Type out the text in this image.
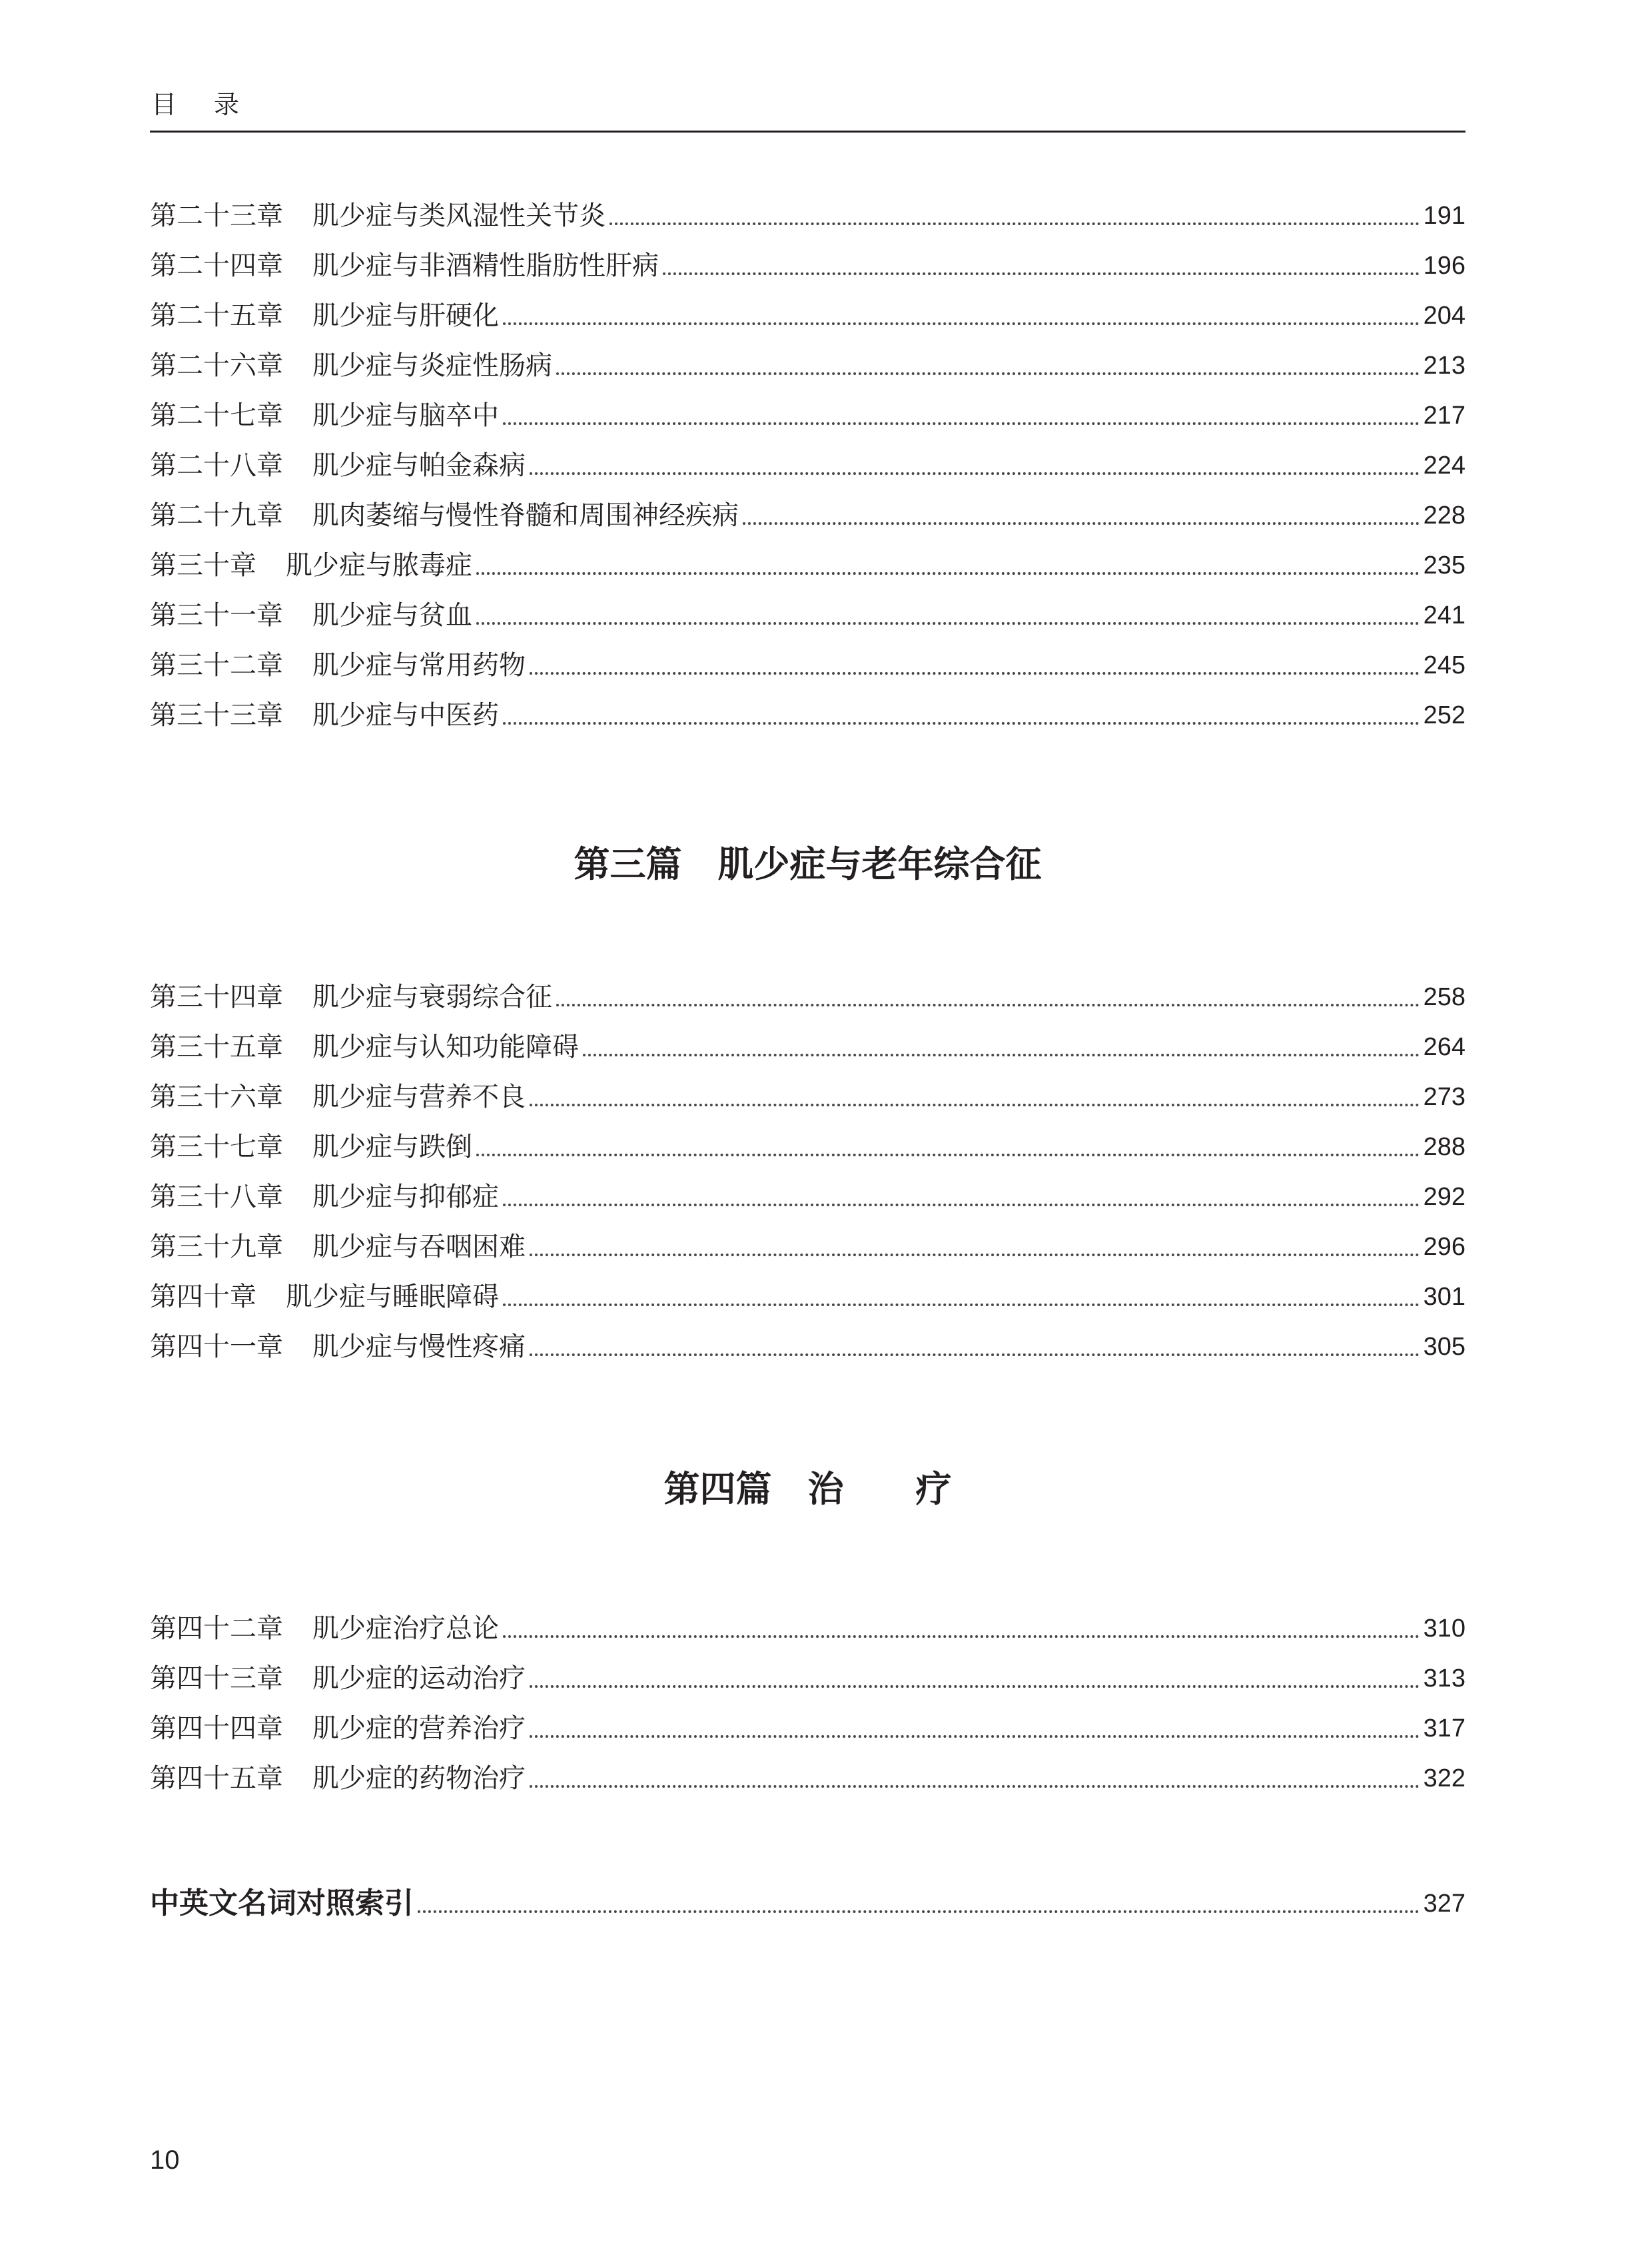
目录
第二十三章 肌少症与类风湿性关节炎	191
第二十四章 肌少症与非酒精性脂肪性肝病	196
第二十五章 肌少症与肝硬化	204
第二十六章 肌少症与炎症性肠病	213
第二十七章 肌少症与脑卒中	217
第二十八章 肌少症与帕金森病	224
第二十九章 肌肉萎缩与慢性脊髓和周围神经疾病	228
第三十章 肌少症与脓毒症	235
第三十一章 肌少症与贫血	241
第三十二章 肌少症与常用药物	245
第三十三章 肌少症与中医药	252
第三篇　肌少症与老年综合征
第三十四章 肌少症与衰弱综合征	258
第三十五章 肌少症与认知功能障碍	264
第三十六章 肌少症与营养不良	273
第三十七章 肌少症与跌倒	288
第三十八章 肌少症与抑郁症	292
第三十九章 肌少症与吞咽困难	296
第四十章 肌少症与睡眠障碍	301
第四十一章 肌少症与慢性疼痛	305
第四篇　治　　疗
第四十二章 肌少症治疗总论	310
第四十三章 肌少症的运动治疗	313
第四十四章 肌少症的营养治疗	317
第四十五章 肌少症的药物治疗	322
中英文名词对照索引	327
10
